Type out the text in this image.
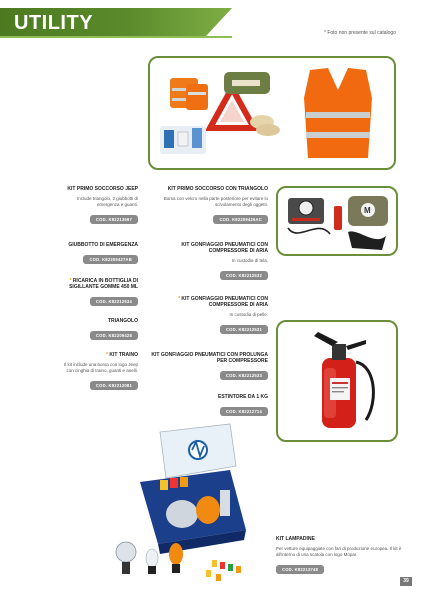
UTILITY	* Foto non presente sul catalogo
M
KIT PRIMO SOCCORSO JEEP
Include triangolo, 2 giubbotti di emergenza e guanti.
COD. K82213597
GIUBBOTTO DI EMERGENZA
COD. K82209427AB
* RICARICA IN BOTTIGLIA DI SIGILLANTE GOMME 450 ML
COD. K82212534
TRIANGOLO
COD. K82209428
* KIT TRAINO
Il kit include una borsa con logo Jeep con cinghia di traino, guanti e anelli.
COD. K82212081
KIT PRIMO SOCCORSO CON TRIANGOLO
Borsa con velcro nella parte posteriore per evitare lo scivolamento degli oggetti.
COD. K82209426AC
KIT GONFIAGGIO PNEUMATICI CON COMPRESSORE DI ARIA
In custodia di tela.
COD. K82212532
* KIT GONFIAGGIO PNEUMATICI CON COMPRESSORE DI ARIA
In custodia di pelle.
COD. K82212531
KIT GONFIAGGIO PNEUMATICI CON PROLUNGA PER COMPRESSORE
COD. K82212533
ESTINTORE DA 1 KG
COD. K82212714
KIT LAMPADINE
Per vetture equipaggiate con fari di produzione europea. Il kit è all'interno di una scatola con logo Mopar.
COD. K82213748
39
